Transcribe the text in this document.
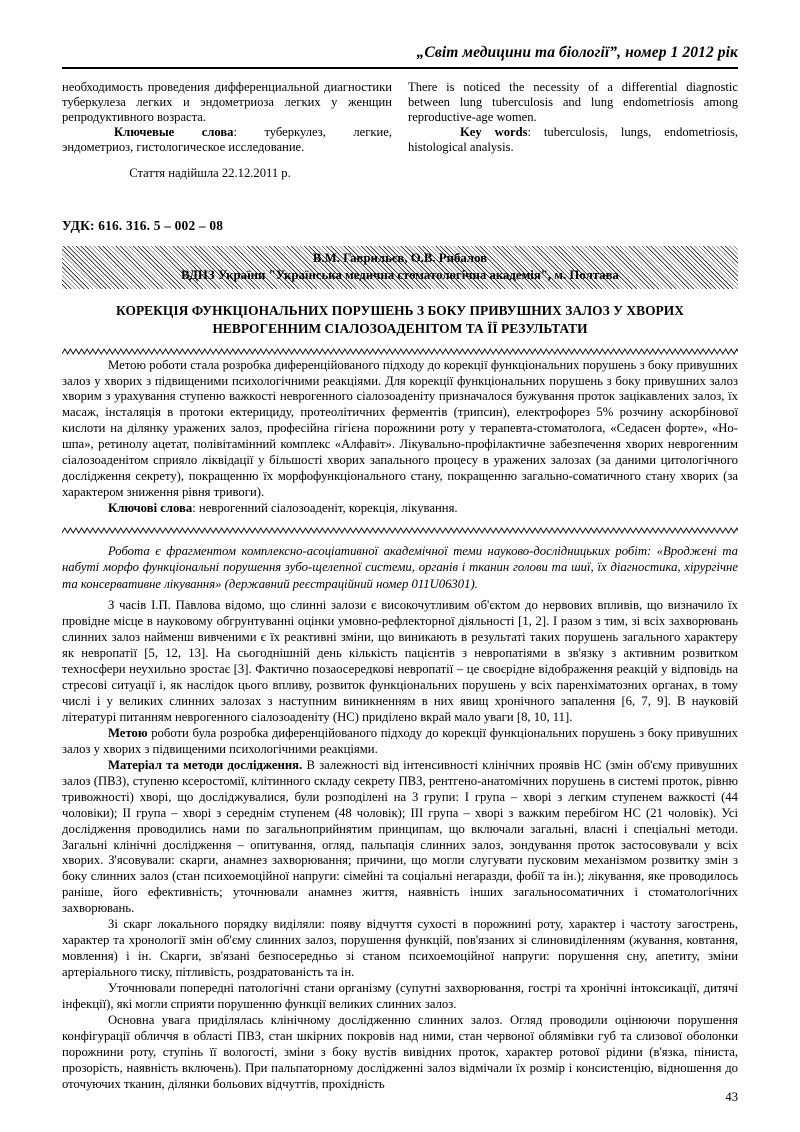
„Світ медицини та біології”, номер 1 2012 рік

необходимость проведения дифференциальной диагностики туберкулеза легких и эндометриоза легких у женщин репродуктивного возраста.

Ключевые слова: туберкулез, легкие, эндометриоз, гистологическое исследование.

There is noticed the necessity of a differential diagnostic between lung tuberculosis and lung endometriosis among reproductive-age women.

Key words: tuberculosis, lungs, endometriosis, histological analysis.

Стаття надійшла 22.12.2011 р.
УДК: 616. 316. 5 – 002 – 08
В.М. Гаврильєв, О.В. Рибалов
ВДНЗ України "Українська медична стоматологічна академія", м. Полтава
КОРЕКЦІЯ ФУНКЦІОНАЛЬНИХ ПОРУШЕНЬ З БОКУ ПРИВУШНИХ ЗАЛОЗ У ХВОРИХ
НЕВРОГЕННИМ СІАЛОЗОАДЕНІТОМ ТА ЇЇ РЕЗУЛЬТАТИ

Метою роботи стала розробка диференційованого підходу до корекції функціональних порушень з боку привушних залоз у хворих з підвищеними психологічними реакціями. Для корекції функціональних порушень з боку привушних залоз хворим з урахування ступеню важкості неврогенного сіалозоаденіту призначалося бужування проток зацікавлених залоз, їх масаж, інсталяція в протоки ектерициду, протеолітичних ферментів (трипсин), електрофорез 5% розчину аскорбінової кислоти на ділянку уражених залоз, професійна гігієна порожнини роту у терапевта-стоматолога, «Седасен форте», «Но-шпа», ретинолу ацетат, полівітамінний комплекс «Алфавіт». Лікувально-профілактичне забезпечення хворих неврогенним сіалозоаденітом сприяло ліквідації у більшості хворих запального процесу в уражених залозах (за даними цитологічного дослідження секрету), покращенню їх морфофункціонального стану, покращенню загально-соматичного стану хворих (за характером зниження рівня тривоги).

Ключові слова: неврогенний сіалозоаденіт, корекція, лікування.

Робота є фрагментом комплексно-асоціативної академічної теми науково-дослідницьких робіт: «Вроджені та набуті морфо функціональні порушення зубо-щелепної системи, органів і тканин голови та шиї, їх діагностика, хірургічне та консервативне лікування» (державний реєстраційний номер 011U06301).

З часів І.П. Павлова відомо, що слинні залози є високочутливим об'єктом до нервових впливів, що визначило їх провідне місце в науковому обгрунтуванні оцінки умовно-рефлекторної діяльності [1, 2]. І разом з тим, зі всіх захворювань слинних залоз найменш вивченими є їх реактивні зміни, що виникають в результаті таких порушень загального характеру як невропатії [5, 12, 13]. На сьогоднішній день кількість пацієнтів з невропатіями в зв'язку з активним розвитком техносфери неухильно зростає [3]. Фактично позаосередкові невропатії – це своєрідне відображення реакцій у відповідь на стресові ситуації і, як наслідок цього впливу, розвиток функціональних порушень у всіх паренхіматозних органах, в тому числі і у великих слинних залозах з наступним виникненням в них явищ хронічного запалення [6, 7, 9]. В науковій літературі питанням неврогенного сіалозоаденіту (НС) приділено вкрай мало уваги [8, 10, 11].

Метою роботи була розробка диференційованого підходу до корекції функціональних порушень з боку привушних залоз у хворих з підвищеними психологічними реакціями.

Матеріал та методи дослідження. В залежності від інтенсивності клінічних проявів НС (змін об'єму привушних залоз (ПВЗ), ступеню ксеростомії, клітинного складу секрету ПВЗ, рентгено-анатомічних порушень в системі проток, рівню тривожності) хворі, що досліджувалися, були розподілені на 3 групи: І група – хворі з легким ступенем важкості (44 чоловіки); ІІ група – хворі з середнім ступенем (48 чоловік); ІІІ група – хворі з важким перебігом НС (21 чоловік). Усі дослідження проводились нами по загальноприйнятим принципам, що включали загальні, власні і спеціальні методи. Загальні клінічні дослідження – опитування, огляд, пальпація слинних залоз, зондування проток застосовували у всіх хворих. З'ясовували: скарги, анамнез захворювання; причини, що могли слугувати пусковим механізмом розвитку змін з боку слинних залоз (стан психоемоційної напруги: сімейні та соціальні негаразди, фобії та ін.); лікування, яке проводилось раніше, його ефективність; уточнювали анамнез життя, наявність інших загальносоматичних і стоматологічних захворювань.

Зі скарг локального порядку виділяли: появу відчуття сухості в порожнині роту, характер і частоту загострень, характер та хронології змін об'єму слинних залоз, порушення функцій, пов'язаних зі слиновиділенням (жування, ковтання, мовлення) і ін. Скарги, зв'язані безпосередньо зі станом психоемоційної напруги: порушення сну, апетиту, зміни артеріального тиску, пітливість, роздратованість та ін.

Уточнювали попередні патологічні стани організму (супутні захворювання, гострі та хронічні інтоксикації, дитячі інфекції), які могли сприяти порушенню функції великих слинних залоз.

Основна увага приділялась клінічному дослідженню слинних залоз. Огляд проводили оцінюючи порушення конфігурації обличчя в області ПВЗ, стан шкірних покровів над ними, стан червоної облямівки губ та слизової оболонки порожнини роту, ступінь її вологості, зміни з боку вустів вивідних проток, характер ротової рідини (в'язка, піниста, прозорість, наявність включень). При пальпаторному дослідженні залоз відмічали їх розмір і консистенцію, відношення до оточуючих тканин, ділянки больових відчуттів, прохідність

43
